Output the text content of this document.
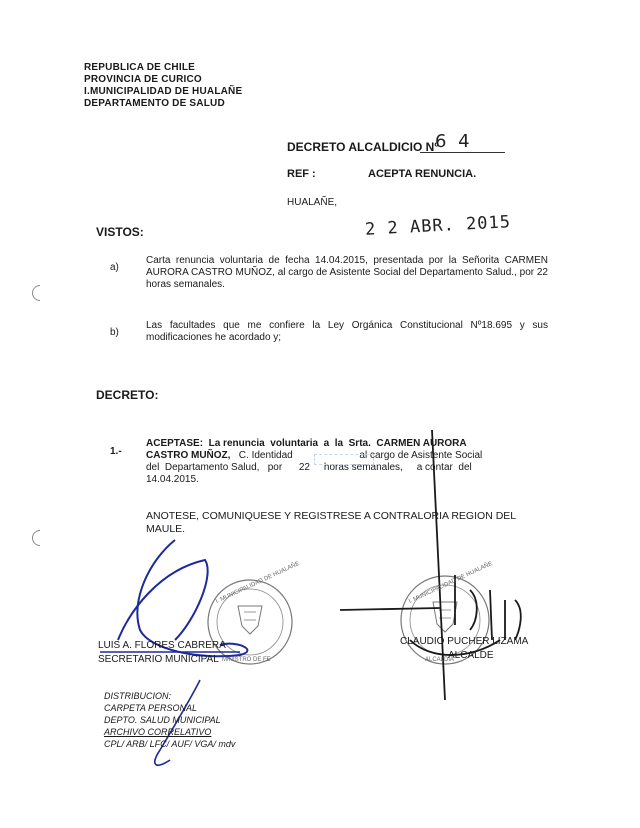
REPUBLICA DE CHILE
PROVINCIA DE CURICO
I.MUNICIPALIDAD DE HUALAÑE
DEPARTAMENTO DE SALUD
DECRETO ALCALDICIO Nº
6 4
REF :	ACEPTA RENUNCIA.
HUALAÑE,
2 2 ABR. 2015
VISTOS:
a)
Carta renuncia voluntaria de fecha 14.04.2015, presentada por la Señorita CARMEN AURORA CASTRO MUÑOZ, al cargo de Asistente Social del Departamento Salud., por 22 horas semanales.
b)
Las facultades que me confiere la Ley Orgánica Constitucional Nº18.695 y sus modificaciones he acordado y;
DECRETO:
1.-
ACEPTASE:  La renuncia  voluntaria  a  la  Srta.  CARMEN AURORA
CASTRO MUÑOZ, C. Identidad                        al cargo de Asistente Social
del  Departamento Salud,   por      22     horas semanales,     a contar  del
14.04.2015.
ANOTESE, COMUNIQUESE Y REGISTRESE A CONTRALORIA REGION DEL MAULE.
I. MUNICIPALIDAD DE HUALAÑE
MINISTRO DE FE
I. MUNICIPALIDAD DE HUALAÑE
ALCALDIA
LUIS A. FLORES CABRERA
SECRETARIO MUNICIPAL
CLAUDIO PUCHER LIZAMA
ALCALDE
DISTRIBUCION:
CARPETA PERSONAL
DEPTO. SALUD MUNICIPAL
ARCHIVO CORRELATIVO
CPL/ ARB/ LFC/ AUF/ VGA/ mdv
